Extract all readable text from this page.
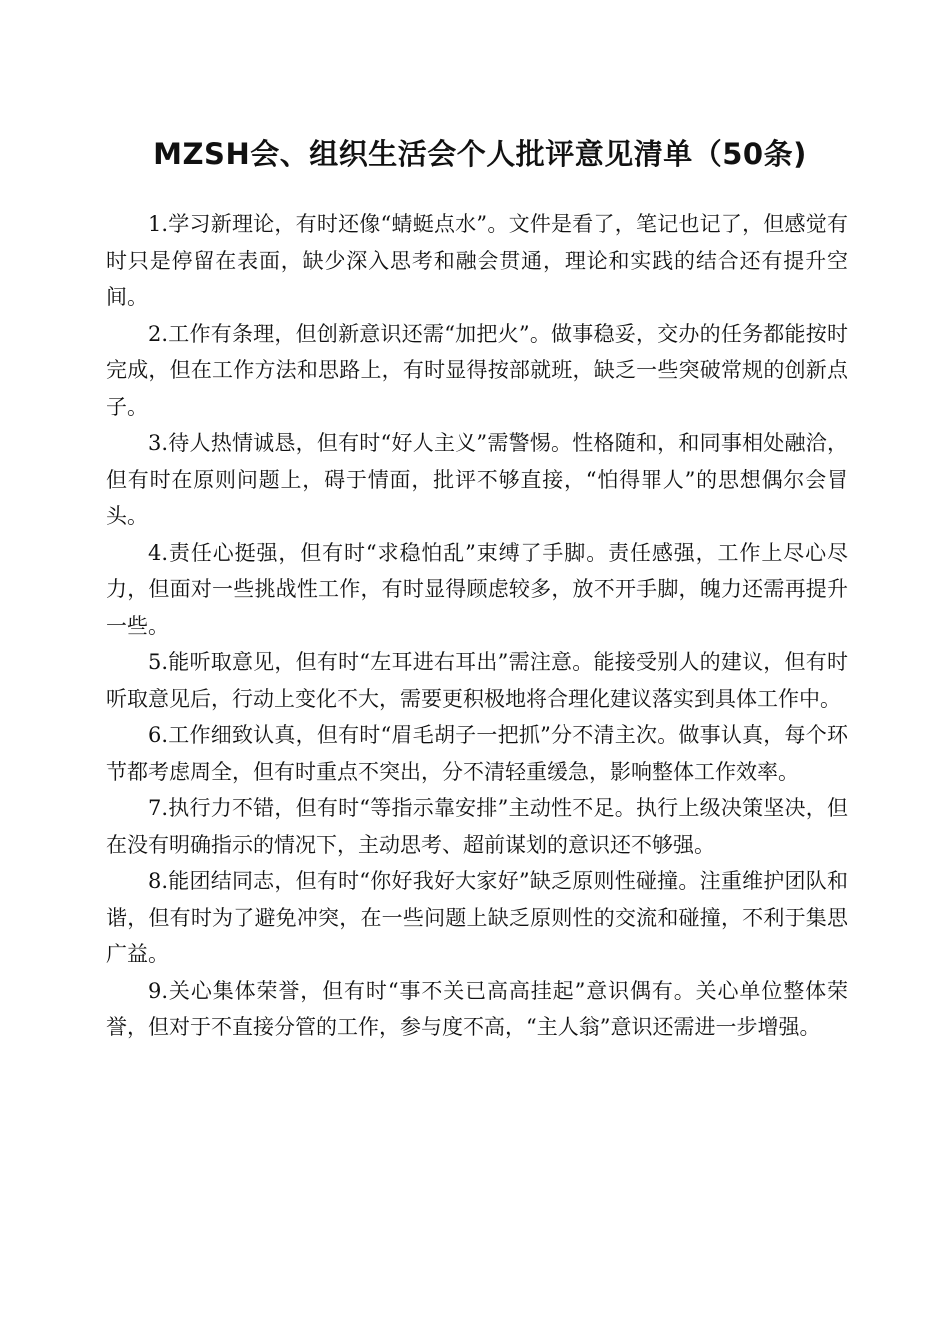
MZSH会、组织生活会个人批评意见清单（50条)

1.学习新理论，有时还像“蜻蜓点水”。文件是看了，笔记也记了，但感觉有时只是停留在表面，缺少深入思考和融会贯通，理论和实践的结合还有提升空间。

2.工作有条理，但创新意识还需“加把火”。做事稳妥，交办的任务都能按时完成，但在工作方法和思路上，有时显得按部就班，缺乏一些突破常规的创新点子。

3.待人热情诚恳，但有时“好人主义”需警惕。性格随和，和同事相处融洽，但有时在原则问题上，碍于情面，批评不够直接，“怕得罪人”的思想偶尔会冒头。

4.责任心挺强，但有时“求稳怕乱”束缚了手脚。责任感强，工作上尽心尽力，但面对一些挑战性工作，有时显得顾虑较多，放不开手脚，魄力还需再提升一些。

5.能听取意见，但有时“左耳进右耳出”需注意。能接受别人的建议，但有时听取意见后，行动上变化不大，需要更积极地将合理化建议落实到具体工作中。

6.工作细致认真，但有时“眉毛胡子一把抓”分不清主次。做事认真，每个环节都考虑周全，但有时重点不突出，分不清轻重缓急，影响整体工作效率。

7.执行力不错，但有时“等指示靠安排”主动性不足。执行上级决策坚决，但在没有明确指示的情况下，主动思考、超前谋划的意识还不够强。

8.能团结同志，但有时“你好我好大家好”缺乏原则性碰撞。注重维护团队和谐，但有时为了避免冲突，在一些问题上缺乏原则性的交流和碰撞，不利于集思广益。

9.关心集体荣誉，但有时“事不关已高高挂起”意识偶有。关心单位整体荣誉，但对于不直接分管的工作，参与度不高，“主人翁”意识还需进一步增强。
